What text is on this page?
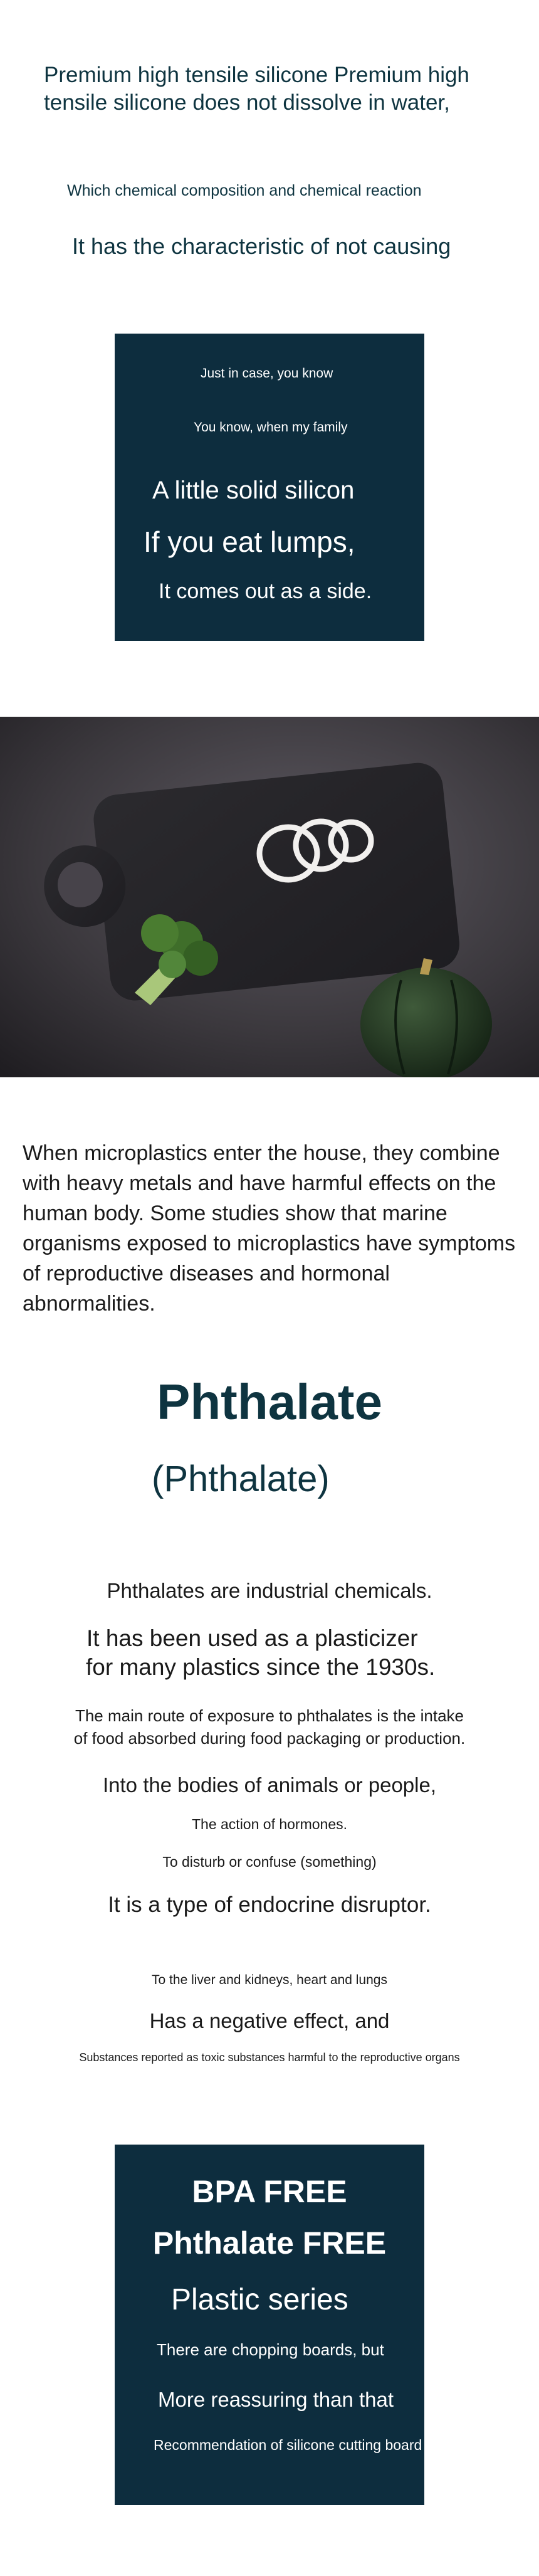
Premium high tensile silicone Premium high tensile silicone does not dissolve in water,
Which chemical composition and chemical reaction
It has the characteristic of not causing
Just in case, you know
You know, when my family
A little solid silicon
If you eat lumps,
It comes out as a side.
When microplastics enter the house, they combine with heavy metals and have harmful effects on the human body. Some studies show that marine organisms exposed to microplastics have symptoms of reproductive diseases and hormonal abnormalities.
Phthalate
(Phthalate)
Phthalates are industrial chemicals.
It has been used as a plasticizer
for many plastics since the 1930s.
The main route of exposure to phthalates is the intake
of food absorbed during food packaging or production.
Into the bodies of animals or people,
The action of hormones.
To disturb or confuse (something)
It is a type of endocrine disruptor.
To the liver and kidneys, heart and lungs
Has a negative effect, and
Substances reported as toxic substances harmful to the reproductive organs
BPA FREE
Phthalate FREE
Plastic series
There are chopping boards, but
More reassuring than that
Recommendation of silicone cutting board
